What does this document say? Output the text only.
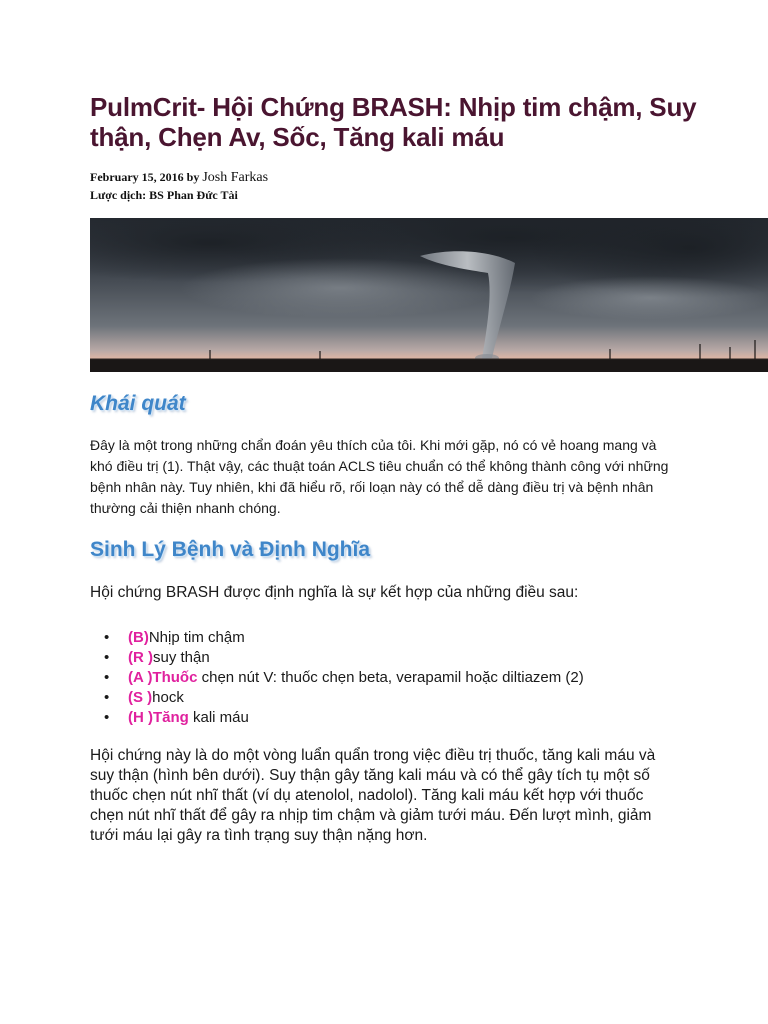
PulmCrit- Hội Chứng BRASH: Nhịp tim chậm, Suy thận, Chẹn Av, Sốc, Tăng kali máu
February 15, 2016 by Josh Farkas
Lược dịch: BS Phan Đức Tài
Khái quát

Đây là một trong những chẩn đoán yêu thích của tôi. Khi mới gặp, nó có vẻ hoang mang và khó điều trị (1). Thật vậy, các thuật toán ACLS tiêu chuẩn có thể không thành công với những bệnh nhân này. Tuy nhiên, khi đã hiểu rõ, rối loạn này có thể dễ dàng điều trị và bệnh nhân thường cải thiện nhanh chóng.

Sinh Lý Bệnh và Định Nghĩa

Hội chứng BRASH được định nghĩa là sự kết hợp của những điều sau:

• (B)Nhịp tim chậm
• (R )suy thận
• (A )Thuốc chẹn nút V: thuốc chẹn beta, verapamil hoặc diltiazem (2)
• (S )hock
• (H )Tăng kali máu

Hội chứng này là do một vòng luẩn quẩn trong việc điều trị thuốc, tăng kali máu và suy thận (hình bên dưới). Suy thận gây tăng kali máu và có thể gây tích tụ một số thuốc chẹn nút nhĩ thất (ví dụ atenolol, nadolol). Tăng kali máu kết hợp với thuốc chẹn nút nhĩ thất để gây ra nhịp tim chậm và giảm tưới máu. Đến lượt mình, giảm tưới máu lại gây ra tình trạng suy thận nặng hơn.
